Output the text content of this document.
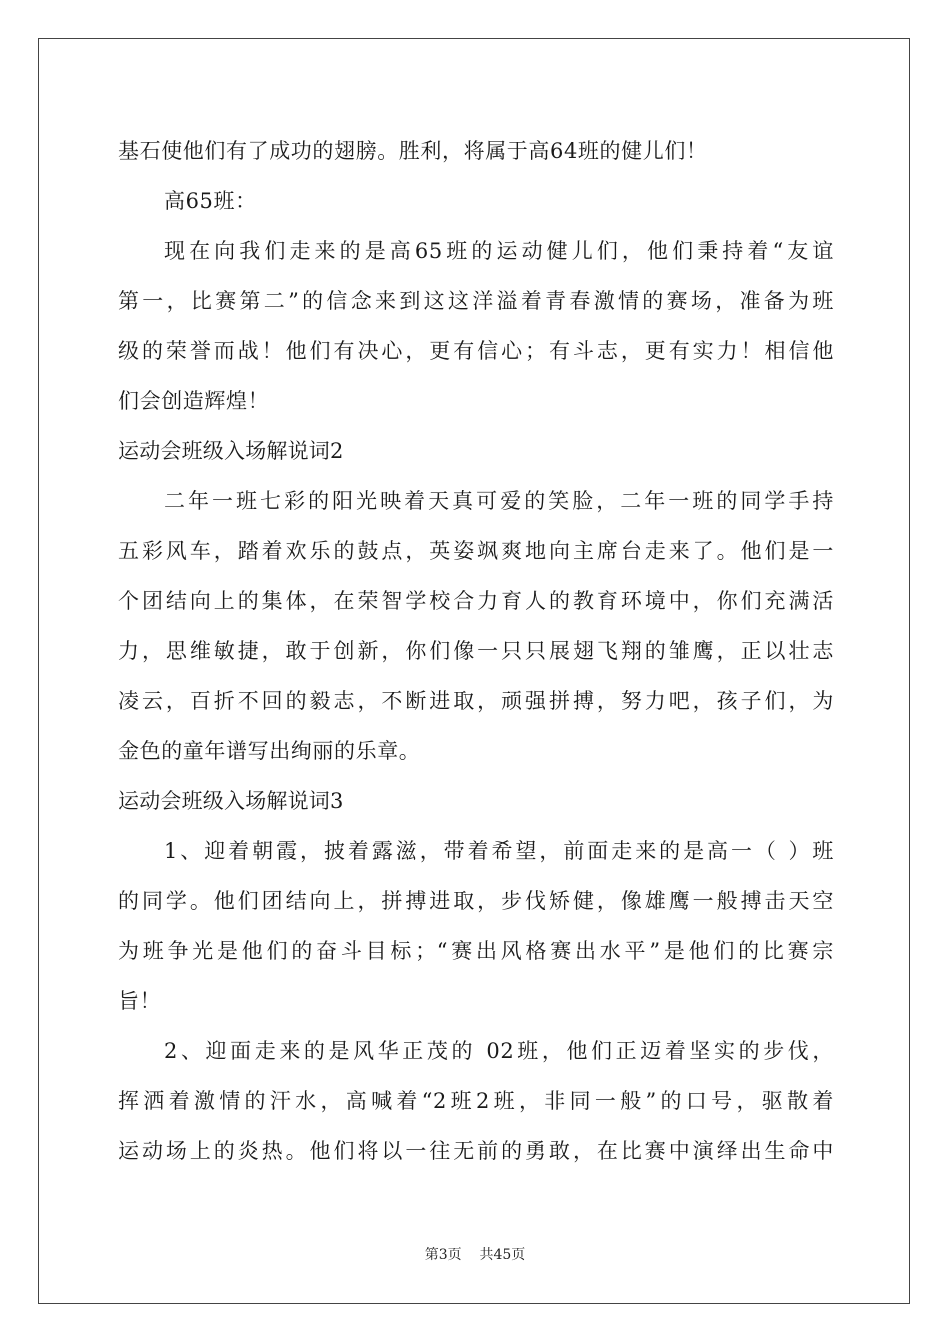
基石使他们有了成功的翅膀。胜利，将属于高64班的健儿们！
高65班：
现在向我们走来的是高65班的运动健儿们，他们秉持着“友谊
第一，比赛第二”的信念来到这这洋溢着青春激情的赛场，准备为班
级的荣誉而战！他们有决心，更有信心；有斗志，更有实力！相信他
们会创造辉煌！
运动会班级入场解说词2
二年一班七彩的阳光映着天真可爱的笑脸，二年一班的同学手持
五彩风车，踏着欢乐的鼓点，英姿飒爽地向主席台走来了。他们是一
个团结向上的集体，在荣智学校合力育人的教育环境中，你们充满活
力，思维敏捷，敢于创新，你们像一只只展翅飞翔的雏鹰，正以壮志
凌云，百折不回的毅志，不断进取，顽强拼搏，努力吧，孩子们，为
金色的童年谱写出绚丽的乐章。
运动会班级入场解说词3
1、迎着朝霞，披着露滋，带着希望，前面走来的是高一（ ）班
的同学。他们团结向上，拼搏进取，步伐矫健，像雄鹰一般搏击天空
为班争光是他们的奋斗目标；“赛出风格赛出水平”是他们的比赛宗
旨！
2、迎面走来的是风华正茂的 02班，他们正迈着坚实的步伐，
挥洒着激情的汗水，高喊着“2班2班，非同一般”的口号，驱散着
运动场上的炎热。他们将以一往无前的勇敢，在比赛中演绎出生命中
第3页    共45页
